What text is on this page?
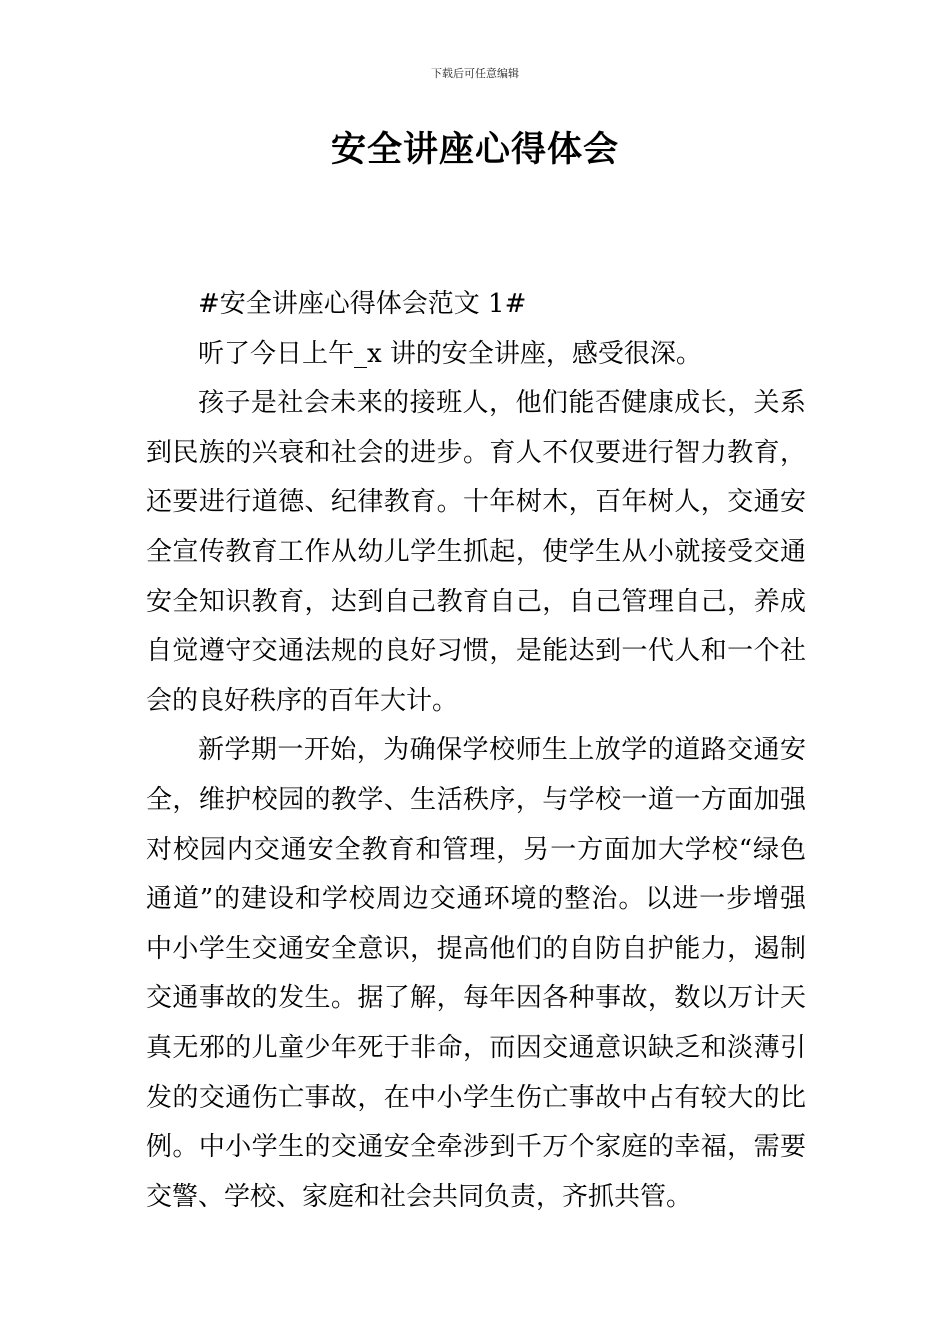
下载后可任意编辑
安全讲座心得体会

#安全讲座心得体会范文 1#

听了今日上午_x 讲的安全讲座，感受很深。

孩子是社会未来的接班人，他们能否健康成长，关系到民族的兴衰和社会的进步。育人不仅要进行智力教育，还要进行道德、纪律教育。十年树木，百年树人，交通安全宣传教育工作从幼儿学生抓起，使学生从小就接受交通安全知识教育，达到自己教育自己，自己管理自己，养成自觉遵守交通法规的良好习惯，是能达到一代人和一个社会的良好秩序的百年大计。

新学期一开始，为确保学校师生上放学的道路交通安全，维护校园的教学、生活秩序，与学校一道一方面加强对校园内交通安全教育和管理，另一方面加大学校“绿色通道”的建设和学校周边交通环境的整治。以进一步增强中小学生交通安全意识，提高他们的自防自护能力，遏制交通事故的发生。据了解，每年因各种事故，数以万计天真无邪的儿童少年死于非命，而因交通意识缺乏和淡薄引发的交通伤亡事故，在中小学生伤亡事故中占有较大的比例。中小学生的交通安全牵涉到千万个家庭的幸福，需要交警、学校、家庭和社会共同负责，齐抓共管。
